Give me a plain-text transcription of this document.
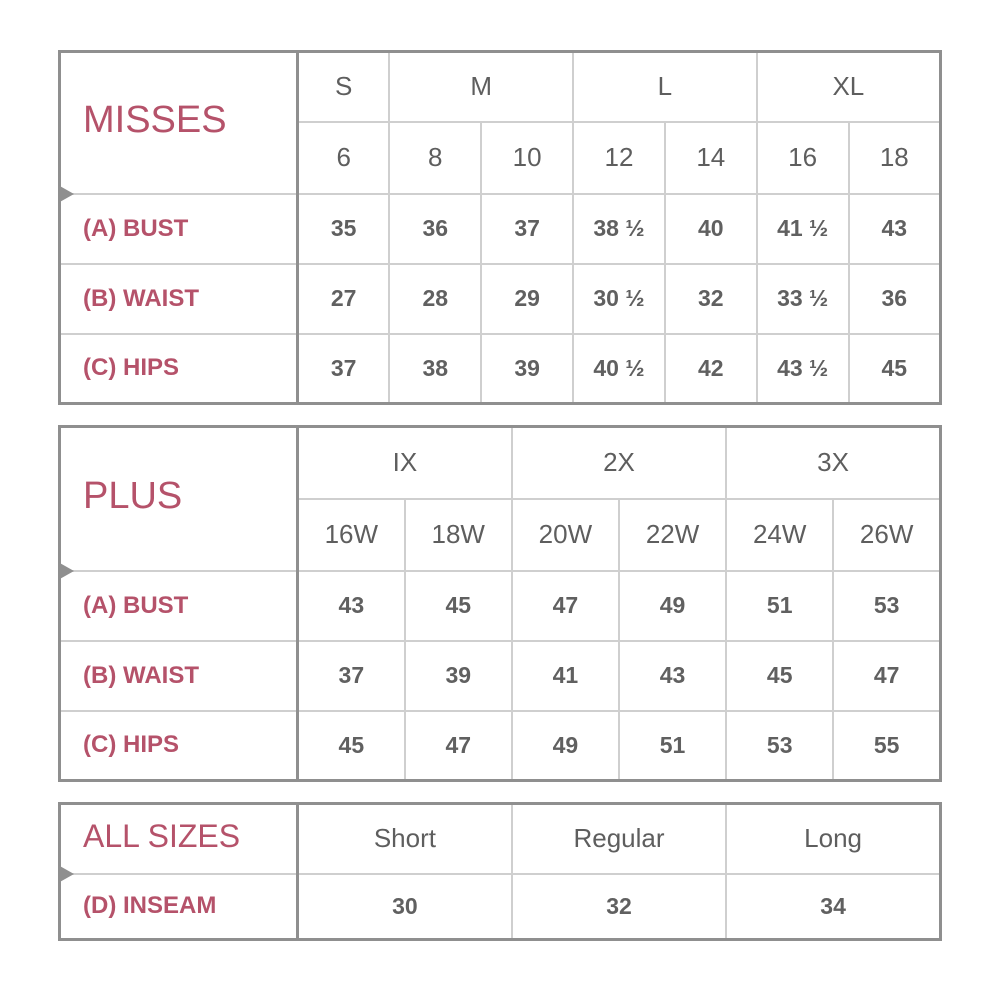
MISSES	S	M		L		XL	
	6	8	10	12	14	16	18
(A) BUST	35	36	37	38 ½	40	41 ½	43
(B) WAIST	27	28	29	30 ½	32	33 ½	36
(C) HIPS	37	38	39	40 ½	42	43 ½	45
PLUS	IX		2X		3X	
	16W	18W	20W	22W	24W	26W
(A) BUST	43	45	47	49	51	53
(B) WAIST	37	39	41	43	45	47
(C) HIPS	45	47	49	51	53	55
ALL SIZES	Short	Regular	Long
(D) INSEAM	30	32	34
